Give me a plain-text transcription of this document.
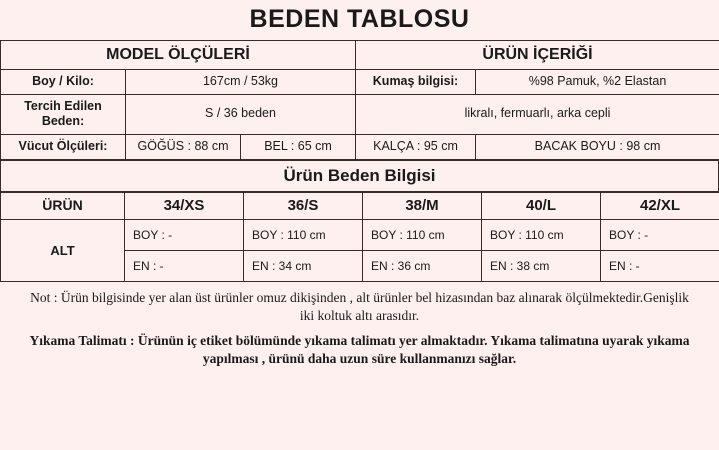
BEDEN TABLOSU
MODEL ÖLÇÜLERİ			ÜRÜN İÇERİĞİ	
Boy / Kilo:	167cm / 53kg		Kumaş bilgisi:	%98 Pamuk, %2 Elastan
Tercih Edilen Beden:	S / 36 beden		likralı, fermuarlı, arka cepli	
Vücut Ölçüleri:	GÖĞÜS : 88 cm	BEL : 65 cm	KALÇA : 95 cm	BACAK BOYU : 98 cm
Ürün Beden Bilgisi
ÜRÜN	34/XS	36/S	38/M	40/L	42/XL
ALT	BOY : -	BOY : 110 cm	BOY : 110 cm	BOY : 110 cm	BOY : -
	EN : -	EN : 34 cm	EN : 36 cm	EN : 38 cm	EN : -
Not : Ürün bilgisinde yer alan üst ürünler omuz dikişinden , alt ürünler bel hizasından baz alınarak ölçülmektedir.Genişlik iki koltuk altı arasıdır.
Yıkama Talimatı : Ürünün iç etiket bölümünde yıkama talimatı yer almaktadır. Yıkama talimatına uyarak yıkama yapılması , ürünü daha uzun süre kullanmanızı sağlar.
